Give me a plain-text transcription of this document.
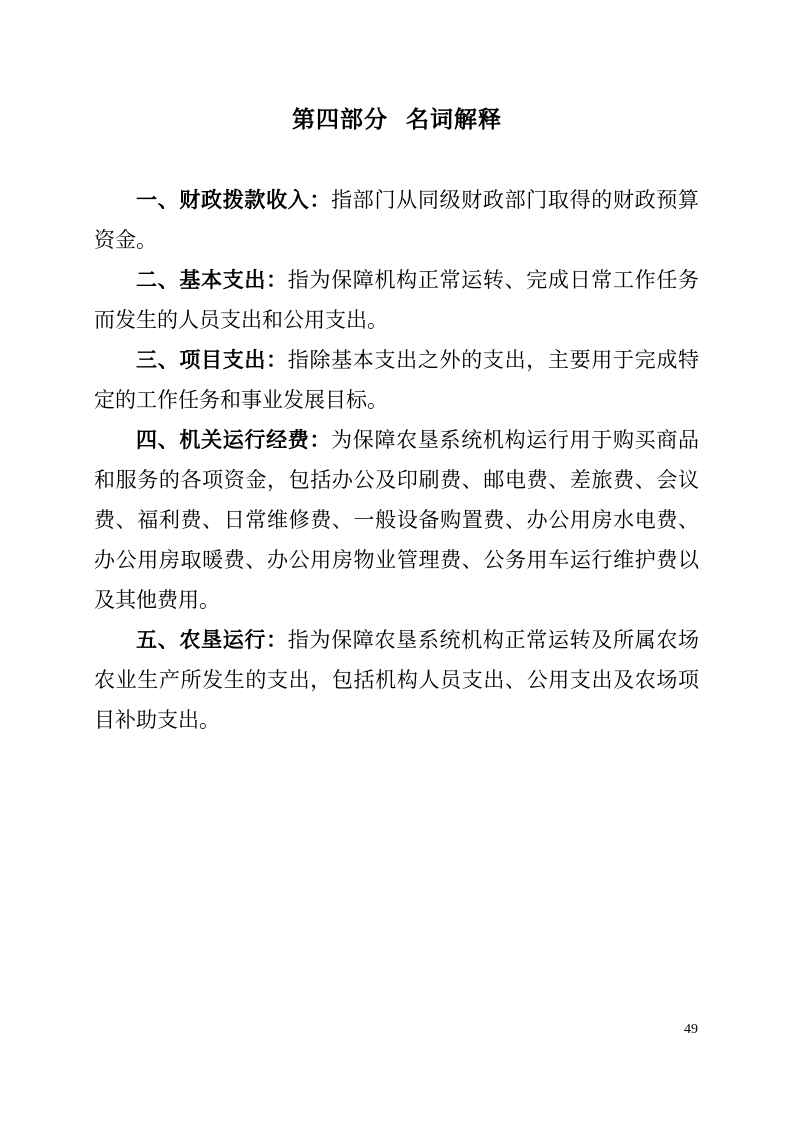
第四部分 名词解释

一、财政拨款收入：指部门从同级财政部门取得的财政预算资金。

二、基本支出：指为保障机构正常运转、完成日常工作任务而发生的人员支出和公用支出。

三、项目支出：指除基本支出之外的支出，主要用于完成特定的工作任务和事业发展目标。

四、机关运行经费：为保障农垦系统机构运行用于购买商品和服务的各项资金，包括办公及印刷费、邮电费、差旅费、会议费、福利费、日常维修费、一般设备购置费、办公用房水电费、办公用房取暖费、办公用房物业管理费、公务用车运行维护费以及其他费用。

五、农垦运行：指为保障农垦系统机构正常运转及所属农场农业生产所发生的支出，包括机构人员支出、公用支出及农场项目补助支出。

49
